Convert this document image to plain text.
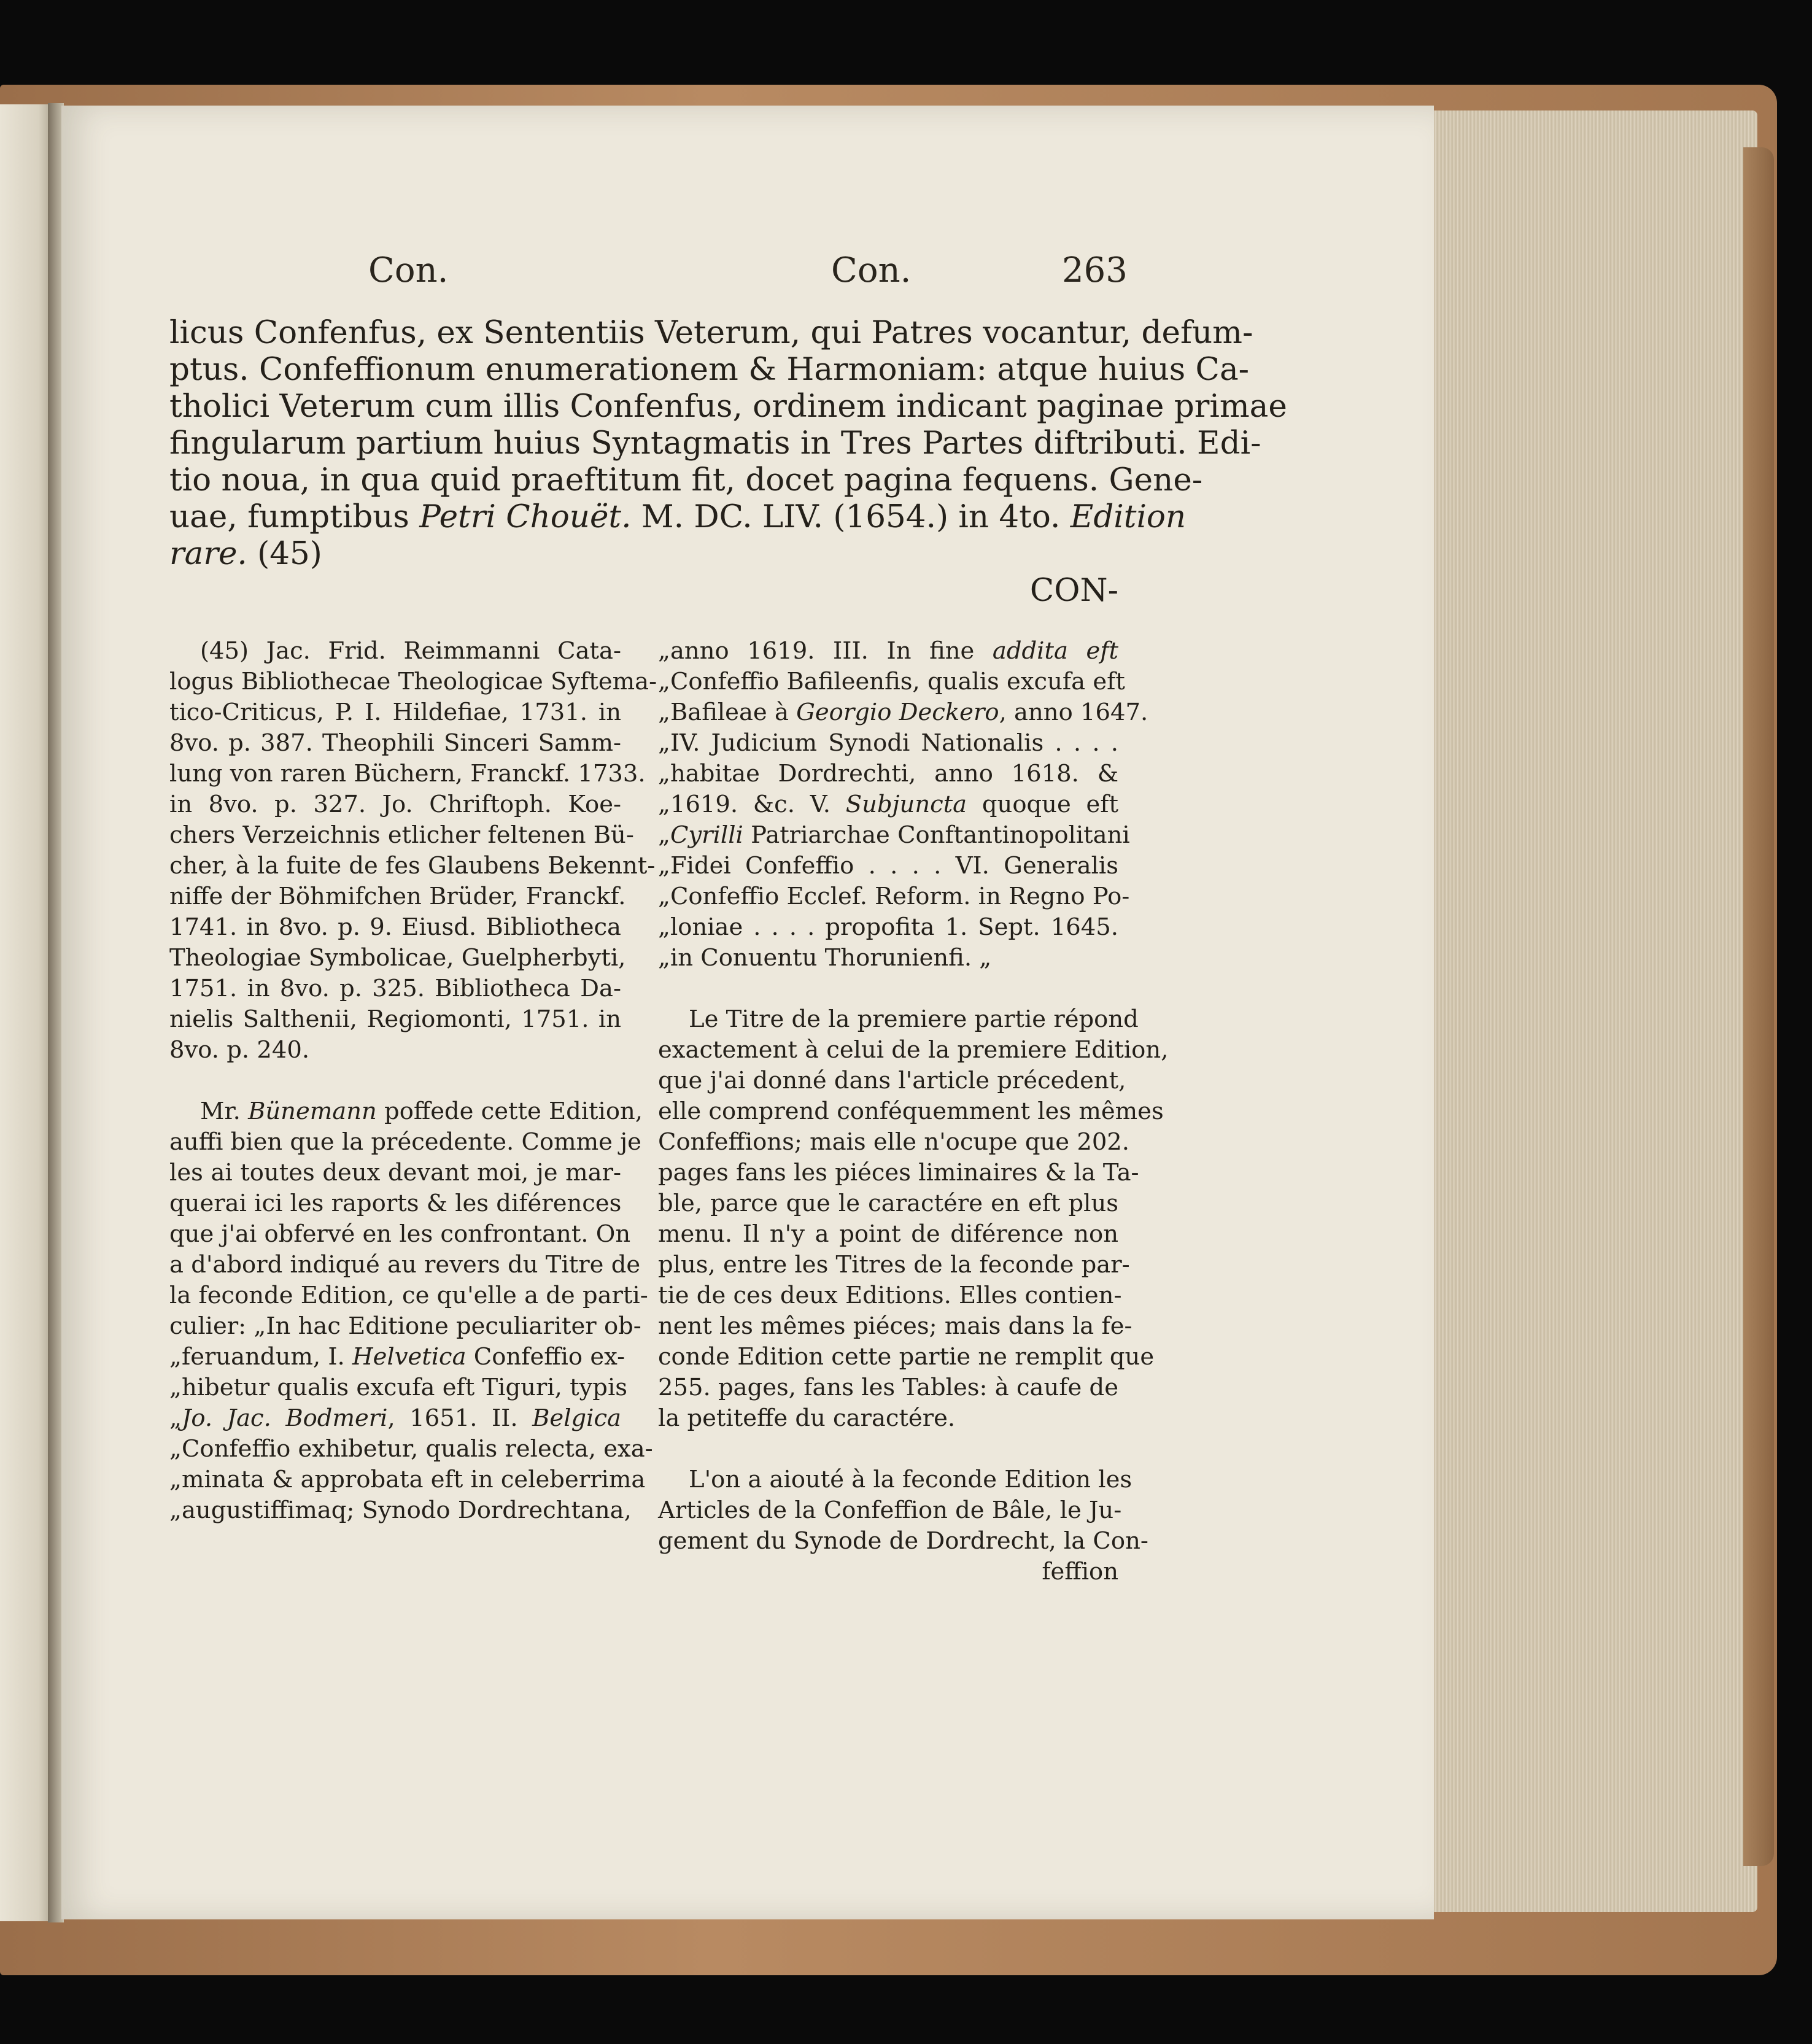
Con.	Con.	263
licus Confenfus, ex Sententiis Veterum, qui Patres vocantur, defum-
ptus. Confeffionum enumerationem & Harmoniam: atque huius Ca-
tholici Veterum cum illis Confenfus, ordinem indicant paginae primae
fingularum partium huius Syntagmatis in Tres Partes diftributi. Edi-
tio noua, in qua quid praeftitum fit, docet pagina fequens. Gene-
uae, fumptibus Petri Chouët. M. DC. LIV. (1654.) in 4to. Edition
rare. (45)
CON-
(45) Jac. Frid. Reimmanni Cata-
logus Bibliothecae Theologicae Syftema-
tico-Criticus, P. I. Hildefiae, 1731. in
8vo. p. 387. Theophili Sinceri Samm-
lung von raren Büchern, Franckf. 1733.
in 8vo. p. 327. Jo. Chriftoph. Koe-
chers Verzeichnis etlicher feltenen Bü-
cher, à la fuite de fes Glaubens Bekennt-
niffe der Böhmifchen Brüder, Franckf.
1741. in 8vo. p. 9. Eiusd. Bibliotheca
Theologiae Symbolicae, Guelpherbyti,
1751. in 8vo. p. 325. Bibliotheca Da-
nielis Salthenii, Regiomonti, 1751. in
8vo. p. 240.
Mr. Bünemann poffede cette Edition,
auffi bien que la précedente. Comme je
les ai toutes deux devant moi, je mar-
querai ici les raports & les diférences
que j'ai obfervé en les confrontant. On
a d'abord indiqué au revers du Titre de
la feconde Edition, ce qu'elle a de parti-
culier: „In hac Editione peculiariter ob-
„feruandum, I. Helvetica Confeffio ex-
„hibetur qualis excufa eft Tiguri, typis
„Jo. Jac. Bodmeri, 1651. II. Belgica
„Confeffio exhibetur, qualis relecta, exa-
„minata & approbata eft in celeberrima
„augustiffimaq; Synodo Dordrechtana,
„anno 1619. III. In fine addita eft
„Confeffio Bafileenfis, qualis excufa eft
„Bafileae à Georgio Deckero, anno 1647.
„IV. Judicium Synodi Nationalis . . . .
„habitae Dordrechti, anno 1618. &
„1619. &c. V. Subjuncta quoque eft
„Cyrilli Patriarchae Conftantinopolitani
„Fidei Confeffio . . . . VI. Generalis
„Confeffio Ecclef. Reform. in Regno Po-
„loniae . . . . propofita 1. Sept. 1645.
„in Conuentu Thorunienfi. „
Le Titre de la premiere partie répond
exactement à celui de la premiere Edition,
que j'ai donné dans l'article précedent,
elle comprend conféquemment les mêmes
Confeffions; mais elle n'ocupe que 202.
pages fans les piéces liminaires & la Ta-
ble, parce que le caractére en eft plus
menu. Il n'y a point de diférence non
plus, entre les Titres de la feconde par-
tie de ces deux Editions. Elles contien-
nent les mêmes piéces; mais dans la fe-
conde Edition cette partie ne remplit que
255. pages, fans les Tables: à caufe de
la petiteffe du caractére.
L'on a aiouté à la feconde Edition les
Articles de la Confeffion de Bâle, le Ju-
gement du Synode de Dordrecht, la Con-
feffion
